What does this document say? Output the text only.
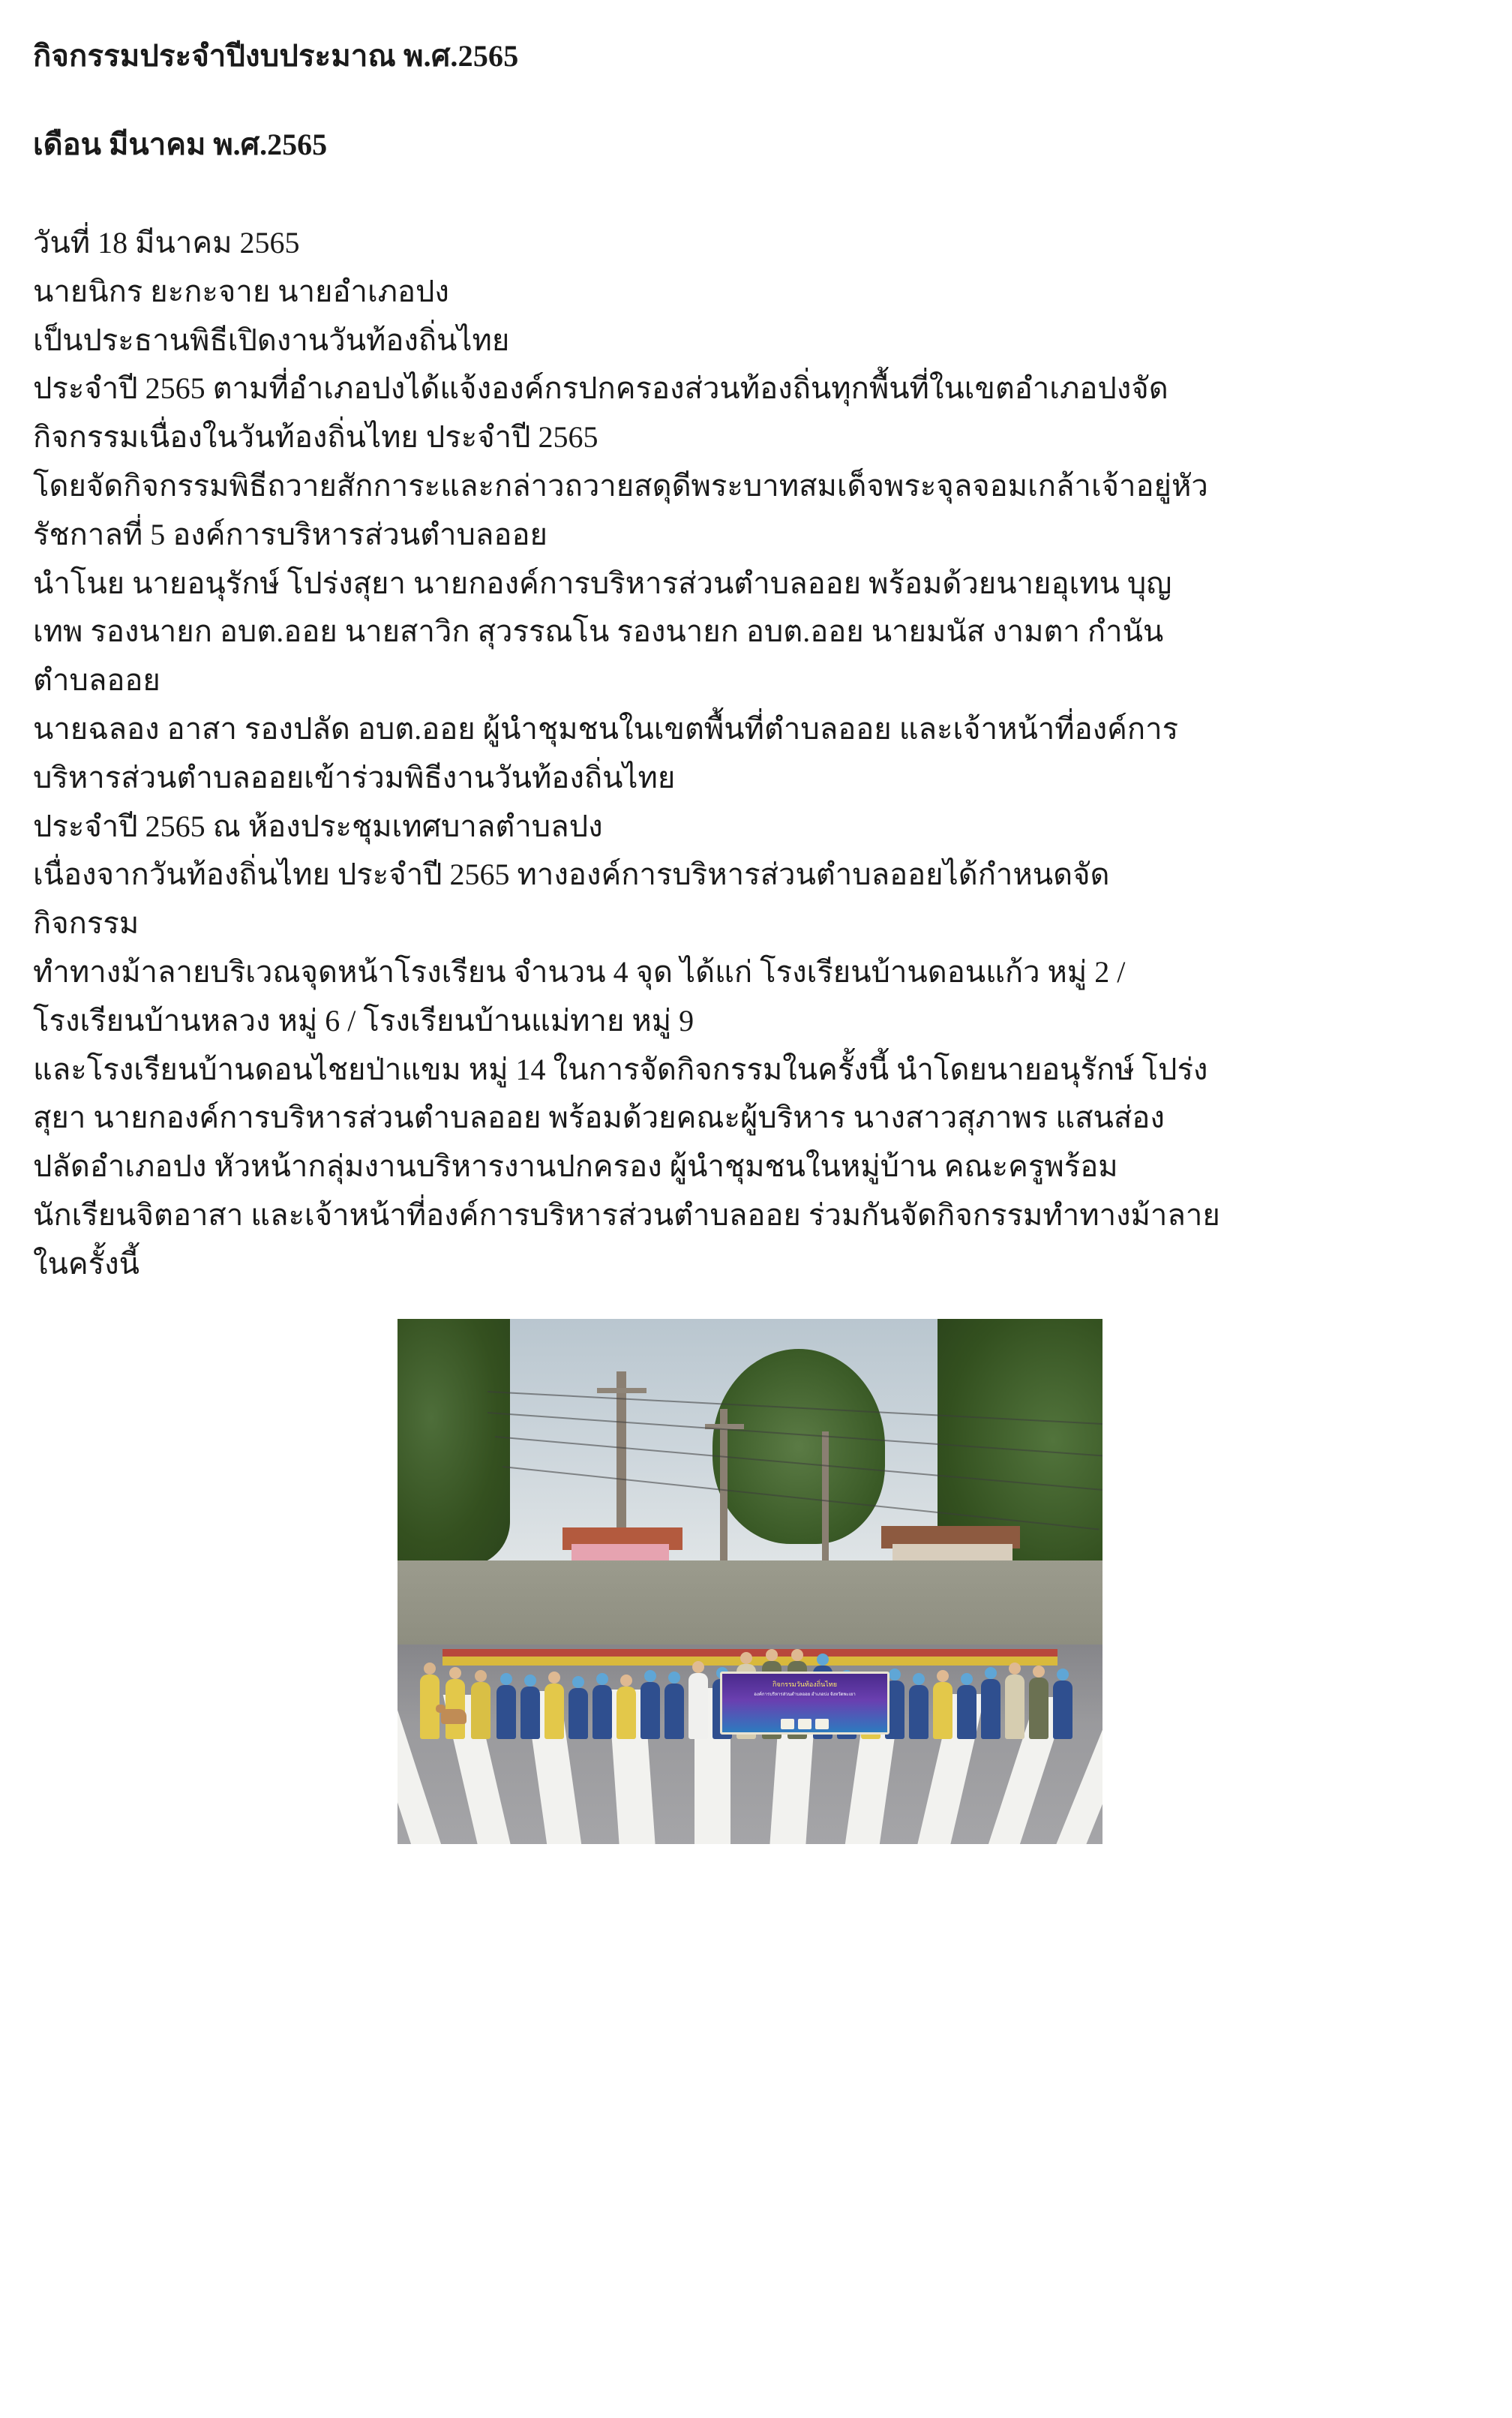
กิจกรรมประจำปีงบประมาณ พ.ศ.2565
เดือน มีนาคม พ.ศ.2565

วันที่ 18 มีนาคม 2565

นายนิกร ยะกะจาย นายอำเภอปง

เป็นประธานพิธีเปิดงานวันท้องถิ่นไทย

ประจำปี 2565 ตามที่อำเภอปงได้แจ้งองค์กรปกครองส่วนท้องถิ่นทุกพื้นที่ในเขตอำเภอปงจัด

กิจกรรมเนื่องในวันท้องถิ่นไทย ประจำปี 2565

โดยจัดกิจกรรมพิธีถวายสักการะและกล่าวถวายสดุดีพระบาทสมเด็จพระจุลจอมเกล้าเจ้าอยู่หัว

รัชกาลที่ 5 องค์การบริหารส่วนตำบลออย

นำโนย นายอนุรักษ์ โปร่งสุยา นายกองค์การบริหารส่วนตำบลออย พร้อมด้วยนายอุเทน บุญ

เทพ รองนายก อบต.ออย นายสาวิก สุวรรณโน รองนายก อบต.ออย นายมนัส งามตา กำนัน

ตำบลออย

นายฉลอง อาสา รองปลัด อบต.ออย ผู้นำชุมชนในเขตพื้นที่ตำบลออย และเจ้าหน้าที่องค์การ

บริหารส่วนตำบลออยเข้าร่วมพิธีงานวันท้องถิ่นไทย

ประจำปี 2565 ณ ห้องประชุมเทศบาลตำบลปง

เนื่องจากวันท้องถิ่นไทย ประจำปี 2565 ทางองค์การบริหารส่วนตำบลออยได้กำหนดจัด

กิจกรรม

ทำทางม้าลายบริเวณจุดหน้าโรงเรียน จำนวน 4 จุด ได้แก่ โรงเรียนบ้านดอนแก้ว หมู่ 2 /

โรงเรียนบ้านหลวง หมู่ 6 / โรงเรียนบ้านแม่ทาย หมู่ 9

และโรงเรียนบ้านดอนไชยป่าแขม หมู่ 14 ในการจัดกิจกรรมในครั้งนี้ นำโดยนายอนุรักษ์ โปร่ง

สุยา นายกองค์การบริหารส่วนตำบลออย พร้อมด้วยคณะผู้บริหาร นางสาวสุภาพร แสนส่อง

ปลัดอำเภอปง หัวหน้ากลุ่มงานบริหารงานปกครอง ผู้นำชุมชนในหมู่บ้าน คณะครูพร้อม

นักเรียนจิตอาสา และเจ้าหน้าที่องค์การบริหารส่วนตำบลออย ร่วมกันจัดกิจกรรมทำทางม้าลาย

ในครั้งนี้

กิจกรรมวันท้องถิ่นไทย
องค์การบริหารส่วนตำบลออย อำเภอปง จังหวัดพะเยา
